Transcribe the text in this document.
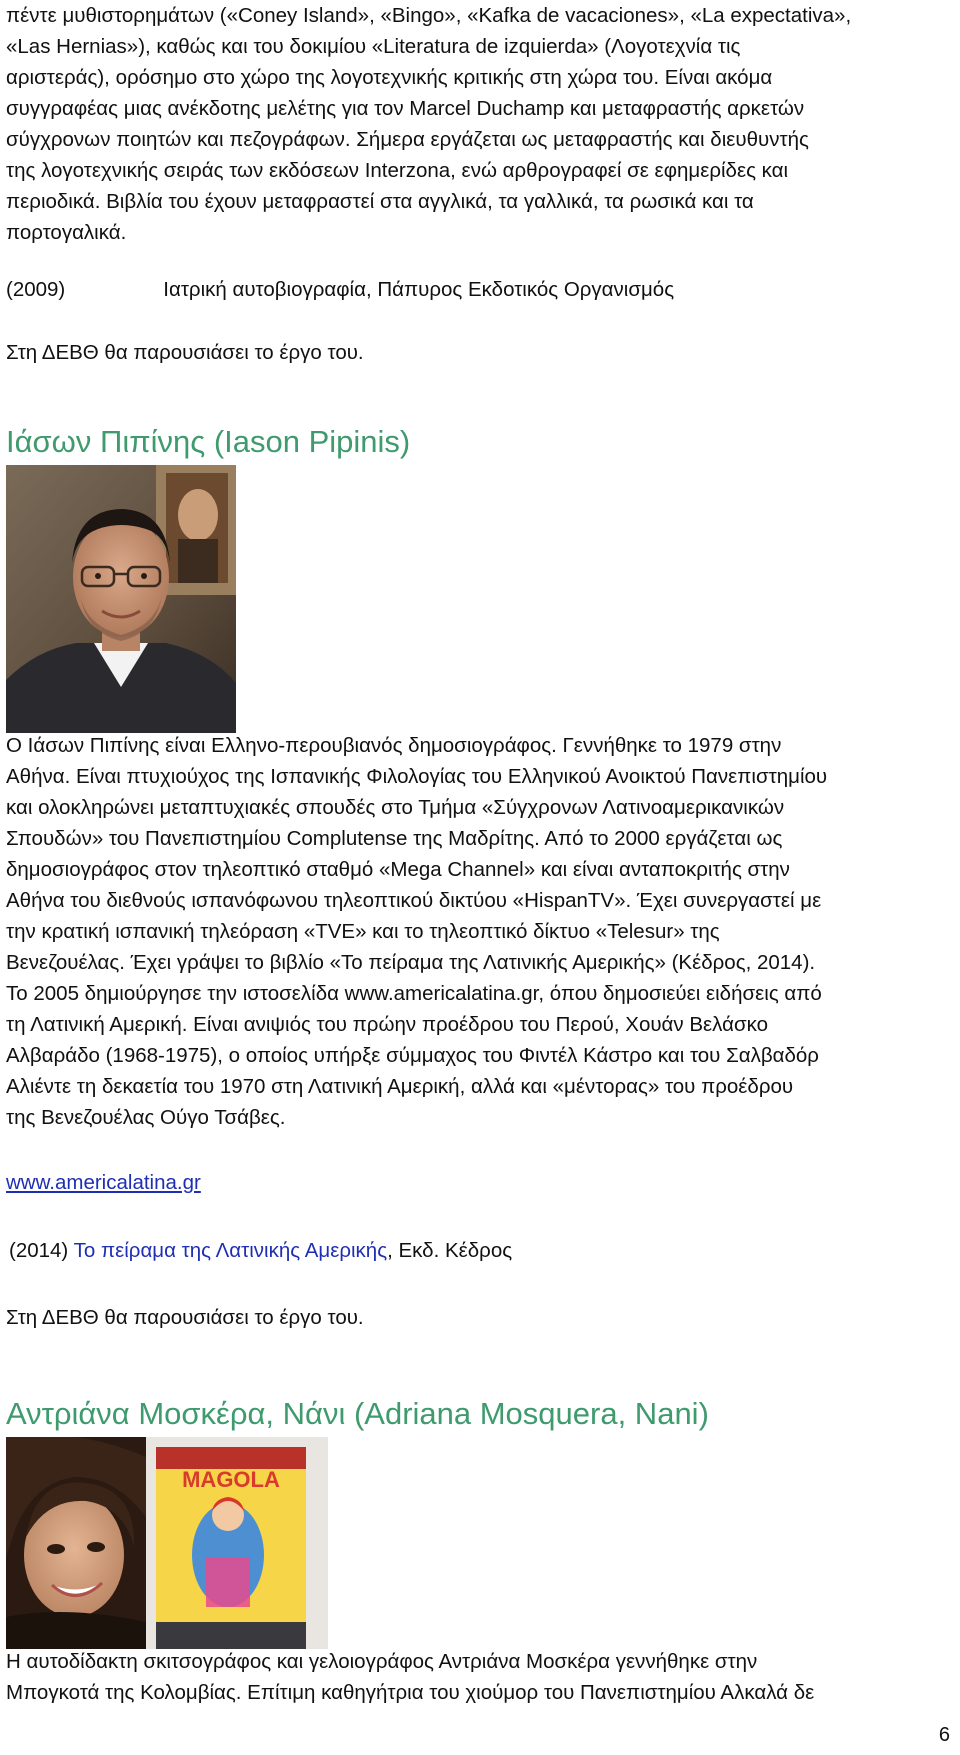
πέντε μυθιστορημάτων («Coney Island», «Bingo», «Kafka de vacaciones», «La expectativa»,
«Las Hernias»), καθώς και του δοκιμίου «Literatura de izquierda» (Λογοτεχνία τις
αριστεράς), ορόσημο στο χώρο της λογοτεχνικής κριτικής στη χώρα του. Είναι ακόμα
συγγραφέας μιας ανέκδοτης μελέτης για τον Marcel Duchamp και μεταφραστής αρκετών
σύγχρονων ποιητών και πεζογράφων. Σήμερα εργάζεται ως μεταφραστής και διευθυντής
της λογοτεχνικής σειράς των εκδόσεων Interzona, ενώ αρθρογραφεί σε εφημερίδες και
περιοδικά. Βιβλία του έχουν μεταφραστεί στα αγγλικά, τα γαλλικά, τα ρωσικά και τα
πορτογαλικά.
(2009)	Ιατρική αυτοβιογραφία, Πάπυρος Εκδοτικός Οργανισμός
Στη ΔΕΒΘ θα παρουσιάσει το έργο του.
Ιάσων Πιπίνης (Iason Pipinis)
Ο Ιάσων Πιπίνης είναι Ελληνο-περουβιανός δημοσιογράφος. Γεννήθηκε το 1979 στην
Αθήνα. Είναι πτυχιούχος της Ισπανικής Φιλολογίας του Ελληνικού Ανοικτού Πανεπιστημίου
και ολοκληρώνει μεταπτυχιακές σπουδές στο Τμήμα «Σύγχρονων Λατινοαμερικανικών
Σπουδών» του Πανεπιστημίου Complutense της Μαδρίτης. Από το 2000 εργάζεται ως
δημοσιογράφος στον τηλεοπτικό σταθμό «Mega Channel» και είναι ανταποκριτής στην
Αθήνα του διεθνούς ισπανόφωνου τηλεοπτικού δικτύου «HispanTV». Έχει συνεργαστεί με
την κρατική ισπανική τηλεόραση «TVE» και το τηλεοπτικό δίκτυο «Telesur» της
Βενεζουέλας. Έχει γράψει το βιβλίο «Το πείραμα της Λατινικής Αμερικής» (Κέδρος, 2014).
Το 2005 δημιούργησε την ιστοσελίδα www.americalatina.gr, όπου δημοσιεύει ειδήσεις από
τη Λατινική Αμερική. Είναι ανιψιός του πρώην προέδρου του Περού, Χουάν Βελάσκο
Αλβαράδο (1968-1975), ο οποίος υπήρξε σύμμαχος του Φιντέλ Κάστρο και του Σαλβαδόρ
Αλιέντε τη δεκαετία του 1970 στη Λατινική Αμερική, αλλά και «μέντορας» του προέδρου
της Βενεζουέλας Ούγο Τσάβες.
www.americalatina.gr
(2014) Το πείραμα της Λατινικής Αμερικής, Εκδ. Κέδρος
Στη ΔΕΒΘ θα παρουσιάσει το έργο του.
Αντριάνα Μοσκέρα, Νάνι (Adriana Mosquera, Nani)
MAGOLA
Η αυτοδίδακτη σκιτσογράφος και γελοιογράφος Αντριάνα Μοσκέρα γεννήθηκε στην
Μπογκοτά της Κολομβίας. Επίτιμη καθηγήτρια του χιούμορ του Πανεπιστημίου Αλκαλά δε
6
